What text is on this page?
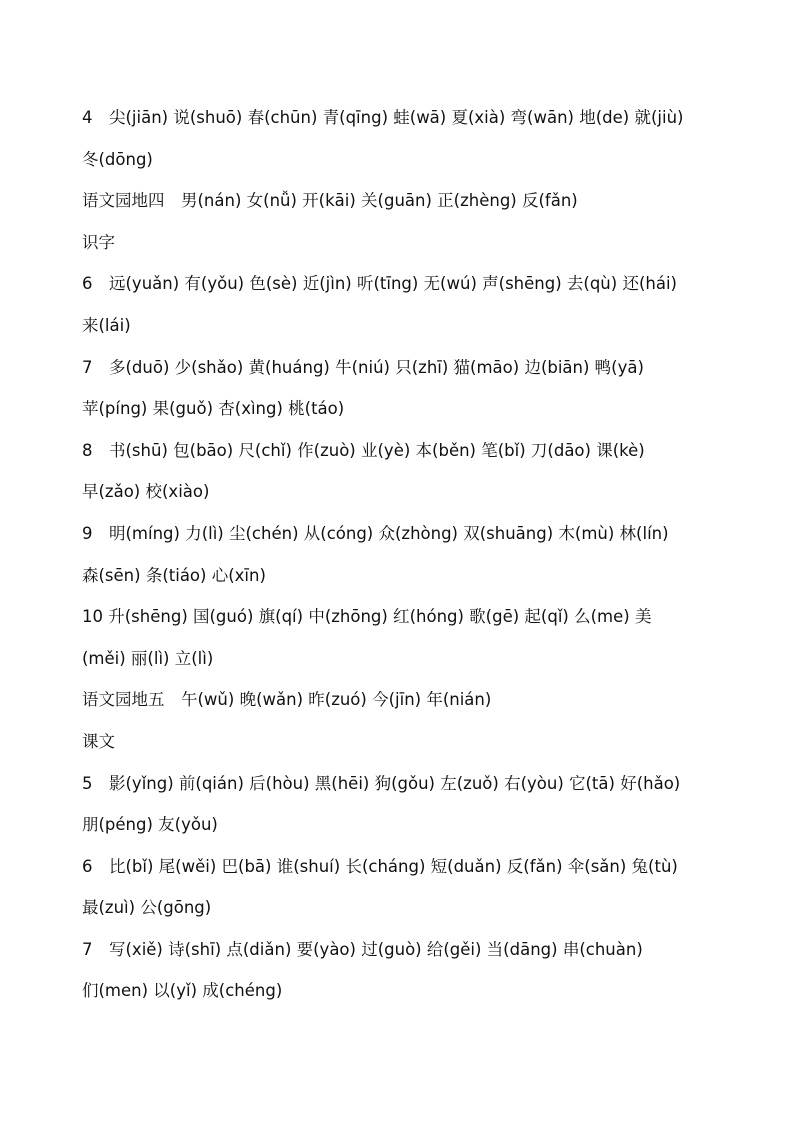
4　尖(jiān) 说(shuō) 春(chūn) 青(qīng) 蛙(wā) 夏(xià) 弯(wān) 地(de) 就(jiù)
冬(dōng)
语文园地四　男(nán) 女(nǚ) 开(kāi) 关(guān) 正(zhèng) 反(fǎn)
识字
6　远(yuǎn) 有(yǒu) 色(sè) 近(jìn) 听(tīng) 无(wú) 声(shēng) 去(qù) 还(hái)
来(lái)
7　多(duō) 少(shǎo) 黄(huáng) 牛(niú) 只(zhī) 猫(māo) 边(biān) 鸭(yā)
苹(píng) 果(guǒ) 杏(xìng) 桃(táo)
8　书(shū) 包(bāo) 尺(chǐ) 作(zuò) 业(yè) 本(běn) 笔(bǐ) 刀(dāo) 课(kè)
早(zǎo) 校(xiào)
9　明(míng) 力(lì) 尘(chén) 从(cóng) 众(zhòng) 双(shuāng) 木(mù) 林(lín)
森(sēn) 条(tiáo) 心(xīn)
10 升(shēng) 国(guó) 旗(qí) 中(zhōng) 红(hóng) 歌(gē) 起(qǐ) 么(me) 美
(měi) 丽(lì) 立(lì)
语文园地五　午(wǔ) 晚(wǎn) 昨(zuó) 今(jīn) 年(nián)
课文
5　影(yǐng) 前(qián) 后(hòu) 黑(hēi) 狗(gǒu) 左(zuǒ) 右(yòu) 它(tā) 好(hǎo)
朋(péng) 友(yǒu)
6　比(bǐ) 尾(wěi) 巴(bā) 谁(shuí) 长(cháng) 短(duǎn) 反(fǎn) 伞(sǎn) 兔(tù)
最(zuì) 公(gōng)
7　写(xiě) 诗(shī) 点(diǎn) 要(yào) 过(guò) 给(gěi) 当(dāng) 串(chuàn)
们(men) 以(yǐ) 成(chéng)
